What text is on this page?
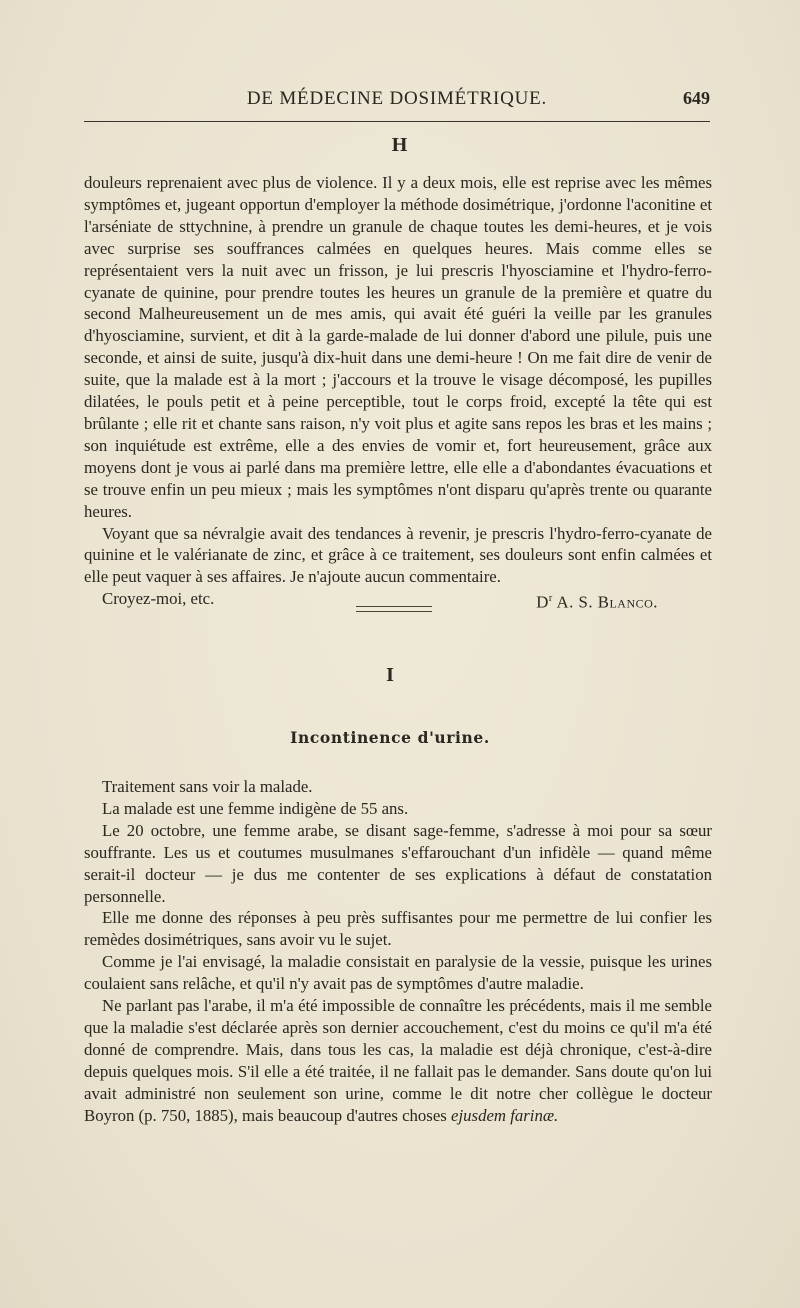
DE MÉDECINE DOSIMÉTRIQUE.	649
H

douleurs reprenaient avec plus de violence. Il y a deux mois, elle est reprise avec les mêmes symptômes et, jugeant opportun d'employer la méthode dosimétrique, j'ordonne l'aconitine et l'arséniate de sttychnine, à prendre un granule de chaque toutes les demi-heures, et je vois avec surprise ses souffrances calmées en quelques heures. Mais comme elles se représentaient vers la nuit avec un frisson, je lui prescris l'hyosciamine et l'hydro-ferro-cyanate de quinine, pour prendre toutes les heures un granule de la première et quatre du second Malheureusement un de mes amis, qui avait été guéri la veille par les granules d'hyosciamine, survient, et dit à la garde-malade de lui donner d'abord une pilule, puis une seconde, et ainsi de suite, jusqu'à dix-huit dans une demi-heure ! On me fait dire de venir de suite, que la malade est à la mort ; j'accours et la trouve le visage décomposé, les pupilles dilatées, le pouls petit et à peine perceptible, tout le corps froid, excepté la tête qui est brûlante ; elle rit et chante sans raison, n'y voit plus et agite sans repos les bras et les mains ; son inquiétude est extrême, elle a des envies de vomir et, fort heureusement, grâce aux moyens dont je vous ai parlé dans ma première lettre, elle elle a d'abondantes évacuations et se trouve enfin un peu mieux ; mais les symptômes n'ont disparu qu'après trente ou quarante heures.

Voyant que sa névralgie avait des tendances à revenir, je prescris l'hydro-ferro-cyanate de quinine et le valérianate de zinc, et grâce à ce traitement, ses douleurs sont enfin calmées et elle peut vaquer à ses affaires. Je n'ajoute aucun commentaire.

Croyez-moi, etc.	$D^r$ A. S. Blanco.
I
Incontinence d'urine.

Traitement sans voir la malade.

La malade est une femme indigène de 55 ans.

Le 20 octobre, une femme arabe, se disant sage-femme, s'adresse à moi pour sa sœur souffrante. Les us et coutumes musulmanes s'effarouchant d'un infidèle — quand même serait-il docteur — je dus me contenter de ses explications à défaut de constatation personnelle.

Elle me donne des réponses à peu près suffisantes pour me permettre de lui confier les remèdes dosimétriques, sans avoir vu le sujet.

Comme je l'ai envisagé, la maladie consistait en paralysie de la vessie, puisque les urines coulaient sans relâche, et qu'il n'y avait pas de symptômes d'autre maladie.

Ne parlant pas l'arabe, il m'a été impossible de connaître les précédents, mais il me semble que la maladie s'est déclarée après son dernier accouchement, c'est du moins ce qu'il m'a été donné de comprendre. Mais, dans tous les cas, la maladie est déjà chronique, c'est-à-dire depuis quelques mois. S'il elle a été traitée, il ne fallait pas le demander. Sans doute qu'on lui avait administré non seulement son urine, comme le dit notre cher collègue le docteur Boyron (p. 750, 1885), mais beaucoup d'autres choses ejusdem farinæ.
